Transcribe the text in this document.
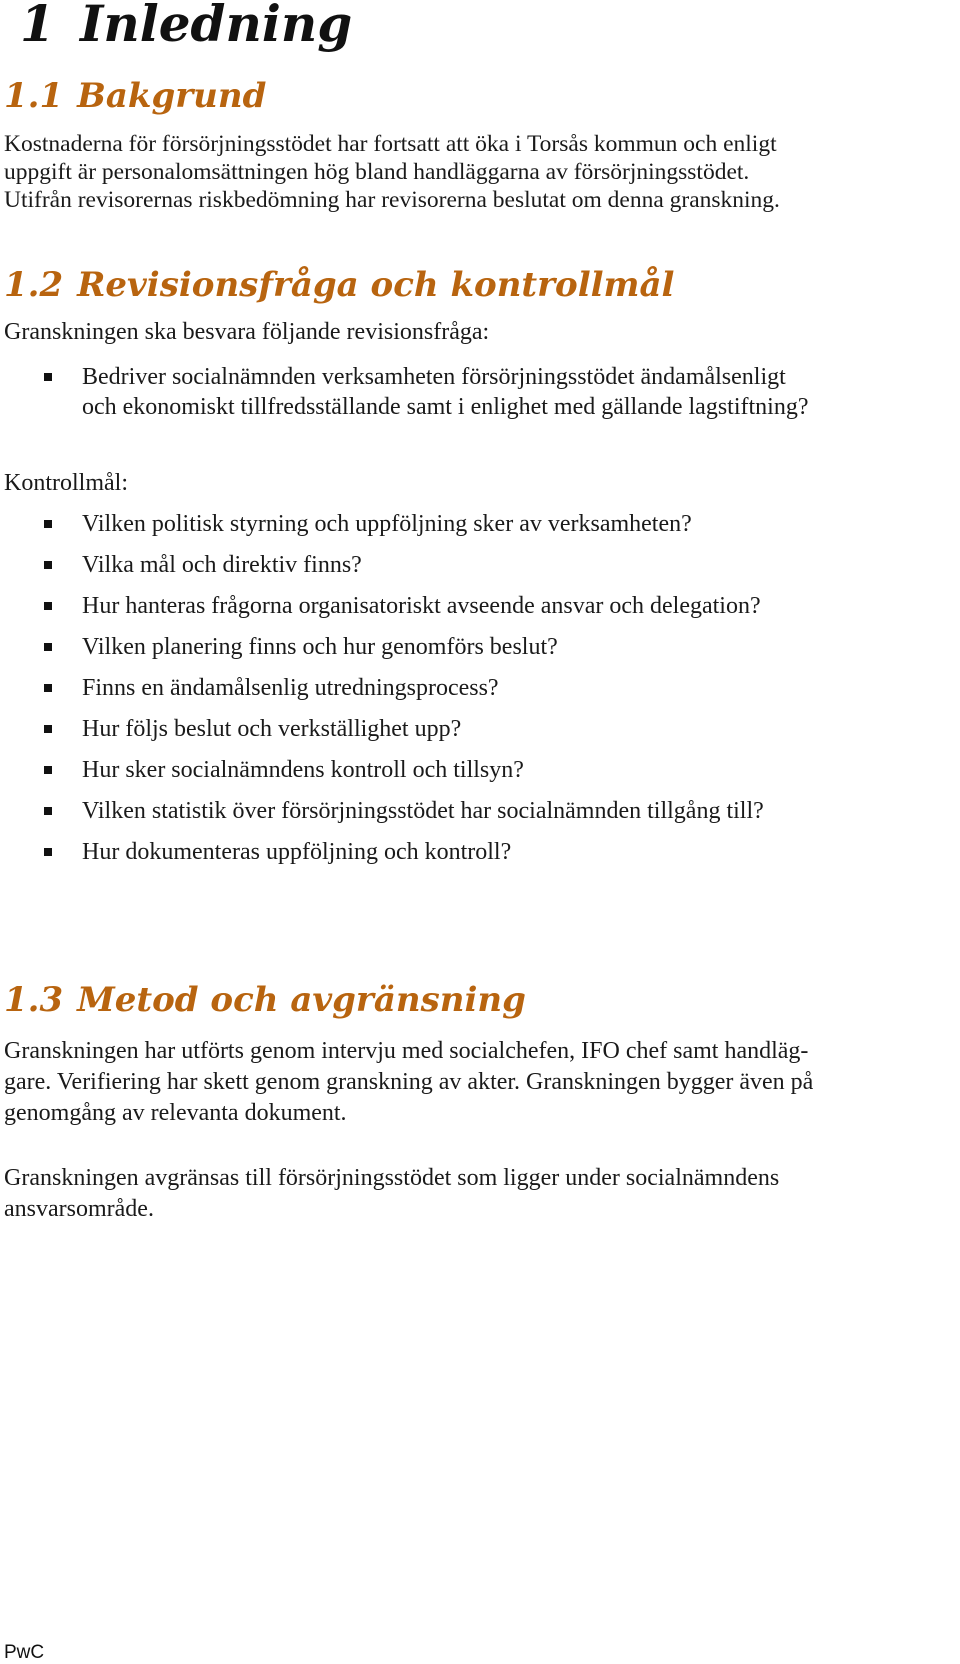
1 Inledning
1.1 Bakgrund
Kostnaderna för försörjningsstödet har fortsatt att öka i Torsås kommun och enligt
uppgift är personalomsättningen hög bland handläggarna av försörjningsstödet.
Utifrån revisorernas riskbedömning har revisorerna beslutat om denna granskning.
1.2 Revisionsfråga och kontrollmål
Granskningen ska besvara följande revisionsfråga:
Bedriver socialnämnden verksamheten försörjningsstödet ändamålsenligt
och ekonomiskt tillfredsställande samt i enlighet med gällande lagstiftning?
Kontrollmål:
Vilken politisk styrning och uppföljning sker av verksamheten?
Vilka mål och direktiv finns?
Hur hanteras frågorna organisatoriskt avseende ansvar och delegation?
Vilken planering finns och hur genomförs beslut?
Finns en ändamålsenlig utredningsprocess?
Hur följs beslut och verkställighet upp?
Hur sker socialnämndens kontroll och tillsyn?
Vilken statistik över försörjningsstödet har socialnämnden tillgång till?
Hur dokumenteras uppföljning och kontroll?
1.3 Metod och avgränsning
Granskningen har utförts genom intervju med socialchefen, IFO chef samt handläg-
gare. Verifiering har skett genom granskning av akter. Granskningen bygger även på
genomgång av relevanta dokument.
Granskningen avgränsas till försörjningsstödet som ligger under socialnämndens
ansvarsområde.
PwC
